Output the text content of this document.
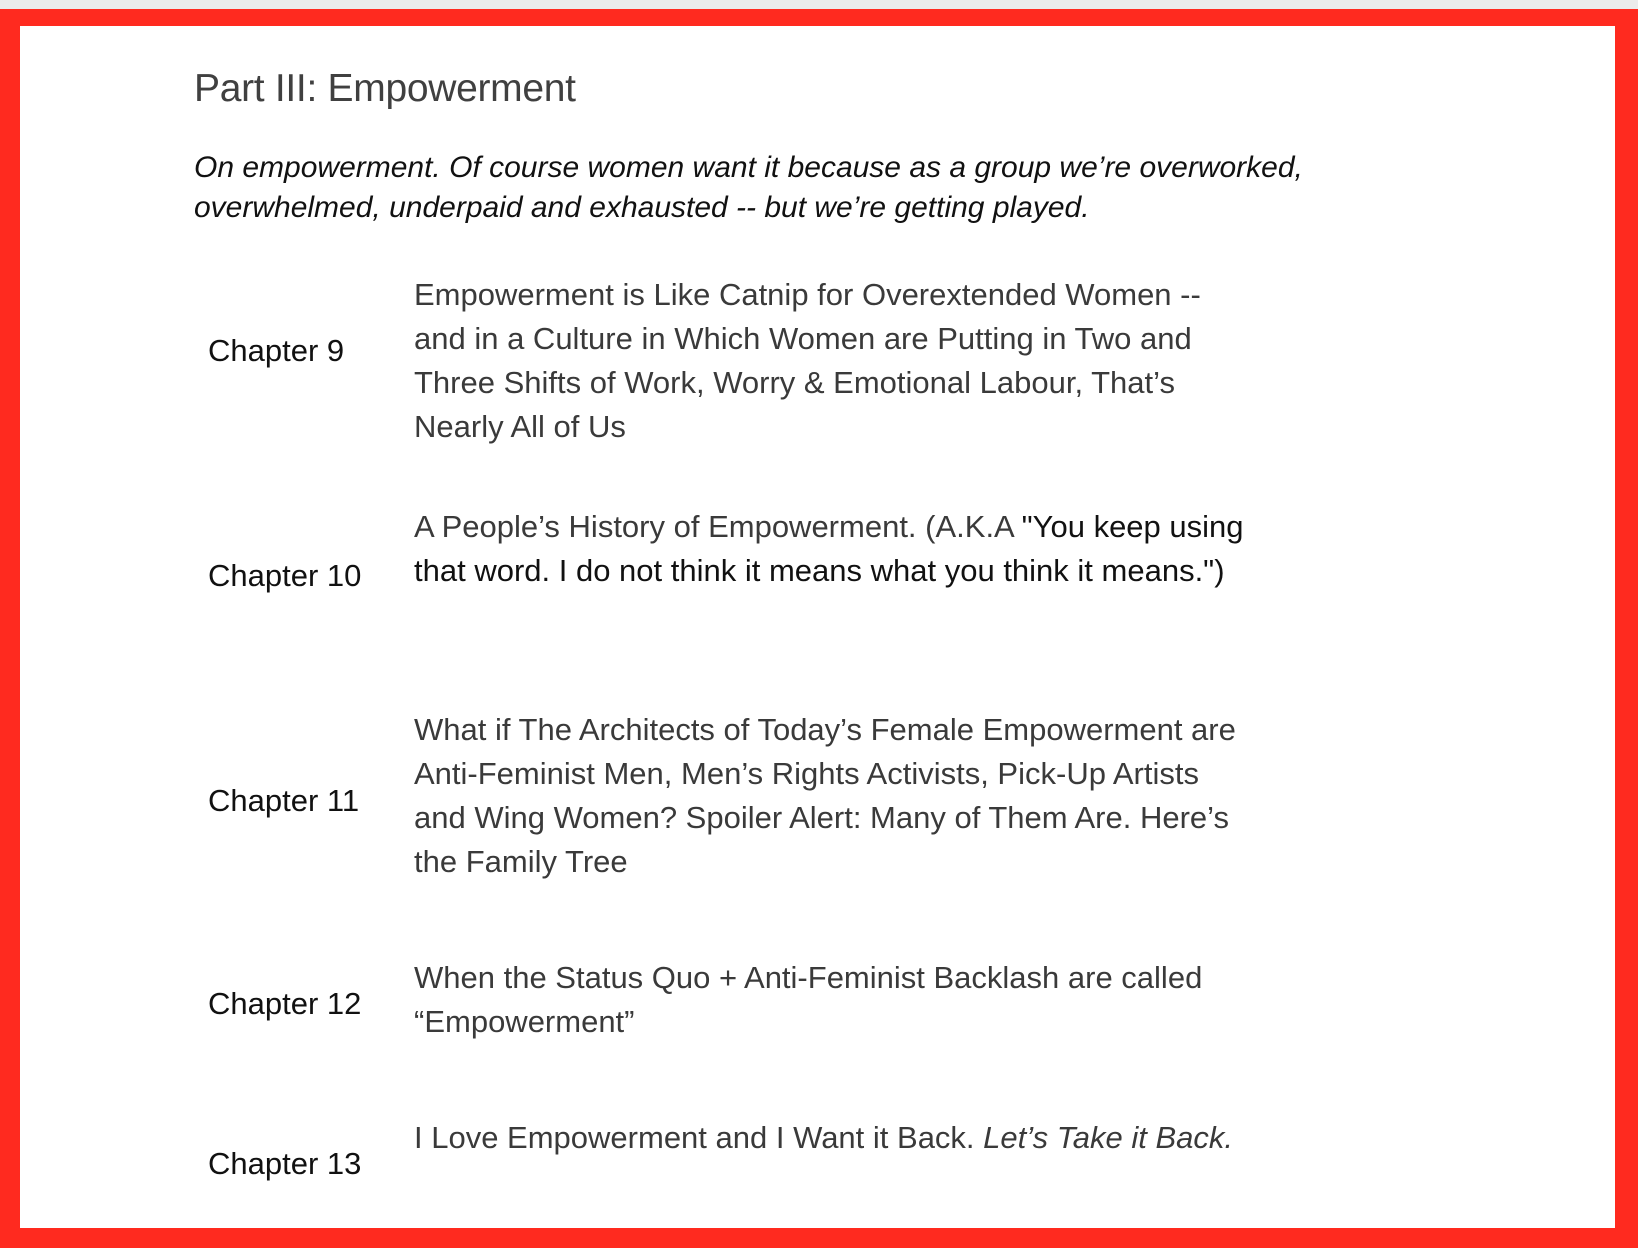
Part III: Empowerment

On empowerment. Of course women want it because as a group we’re overworked, overwhelmed, underpaid and exhausted -- but we’re getting played.

Chapter 9

Empowerment is Like Catnip for Overextended Women -- and in a Culture in Which Women are Putting in Two and Three Shifts of Work, Worry & Emotional Labour, That’s Nearly All of Us

Chapter 10

A People’s History of Empowerment. (A.K.A "You keep using that word. I do not think it means what you think it means.")

Chapter 11

What if The Architects of Today’s Female Empowerment are Anti-Feminist Men, Men’s Rights Activists, Pick-Up Artists and Wing Women? Spoiler Alert: Many of Them Are. Here’s the Family Tree

Chapter 12

When the Status Quo + Anti-Feminist Backlash are called “Empowerment”

Chapter 13

I Love Empowerment and I Want it Back. Let’s Take it Back.
